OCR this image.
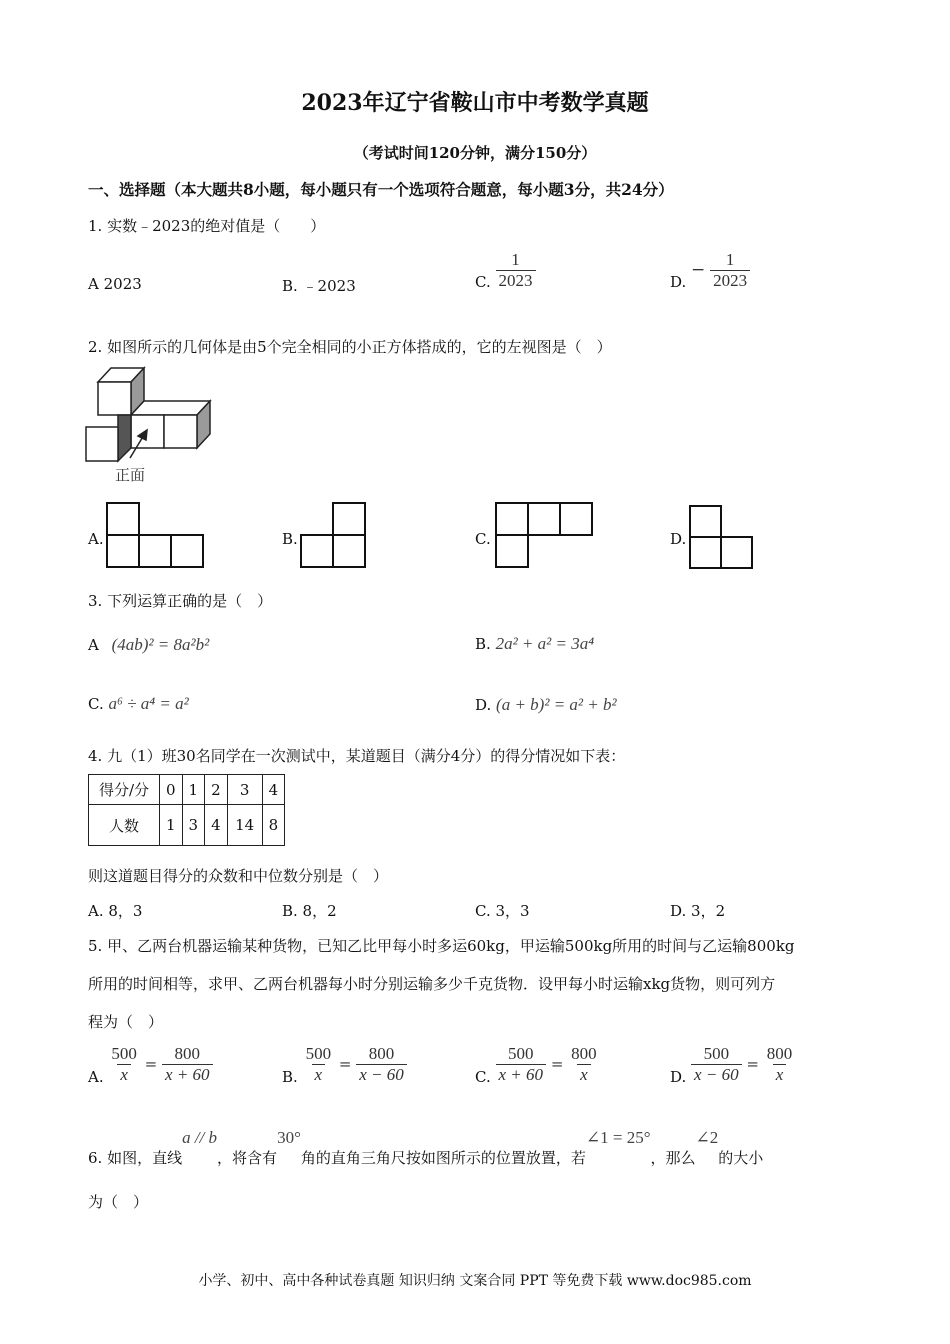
2023年辽宁省鞍山市中考数学真题
（考试时间120分钟，满分150分）
一、选择题（本大题共8小题，每小题只有一个选项符合题意，每小题3分，共24分）
1. 实数﹣2023的绝对值是（　　）
A 2023	B. ﹣2023	C. $\frac{1}{2023}$	D. − $\frac{1}{2023}$
2. 如图所示的几何体是由5个完全相同的小正方体搭成的，它的左视图是（　）
正面
A.	B.	C.	D.
3. 下列运算正确的是（　）
A (4ab)² = 8a²b²	B. 2a² + a² = 3a⁴
C. a⁶ ÷ a⁴ = a²	D. (a + b)² = a² + b²
4. 九（1）班30名同学在一次测试中，某道题目（满分4分）的得分情况如下表：
得分/分	0	1	2	3	4
人数	1	3	4	14	8
则这道题目得分的众数和中位数分别是（　）
A. 8，3	B. 8，2	C. 3，3	D. 3，2
5. 甲、乙两台机器运输某种货物，已知乙比甲每小时多运60kg，甲运输500kg所用的时间与乙运输800kg
所用的时间相等，求甲、乙两台机器每小时分别运输多少千克货物．设甲每小时运输xkg货物，则可列方
程为（　）
A. $\frac{500}{x} = \frac{800}{x + 60}$	B. $\frac{500}{x} = \frac{800}{x - 60}$	C. $\frac{500}{x + 60} = \frac{800}{x}$	D. $\frac{500}{x - 60} = \frac{800}{x}$
6. 如图，直线a // b，将含有30°角的直角三角尺按如图所示的位置放置，若∠1 = 25°，那么∠2的大小
为（　）
小学、初中、高中各种试卷真题 知识归纳 文案合同 PPT 等免费下载 www.doc985.com
